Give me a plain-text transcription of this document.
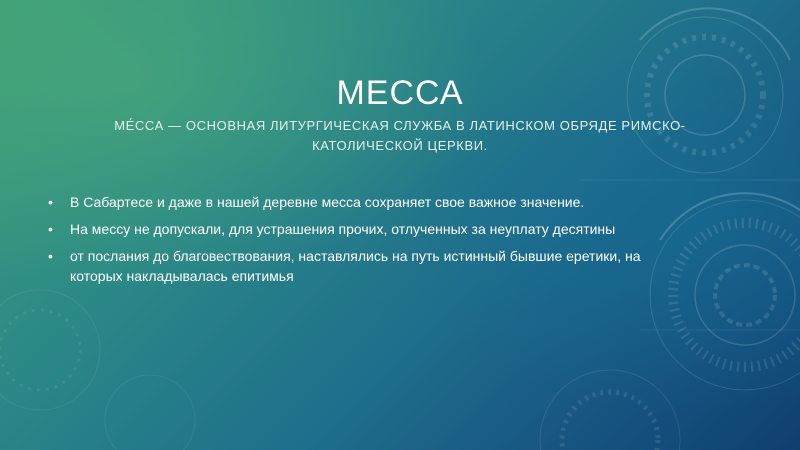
МЕССА

МЕ́ССА — ОСНОВНАЯ ЛИТУРГИЧЕСКАЯ СЛУЖБА В ЛАТИНСКОМ ОБРЯДЕ РИМСКО-КАТОЛИЧЕСКОЙ ЦЕРКВИ.

• В Сабартесе и даже в нашей деревне месса сохраняет свое важное значение.
• На мессу не допускали, для устрашения прочих, отлученных за неуплату десятины
• от послания до благовествования, наставлялись на путь истинный бывшие еретики, на которых накладывалась епитимья
